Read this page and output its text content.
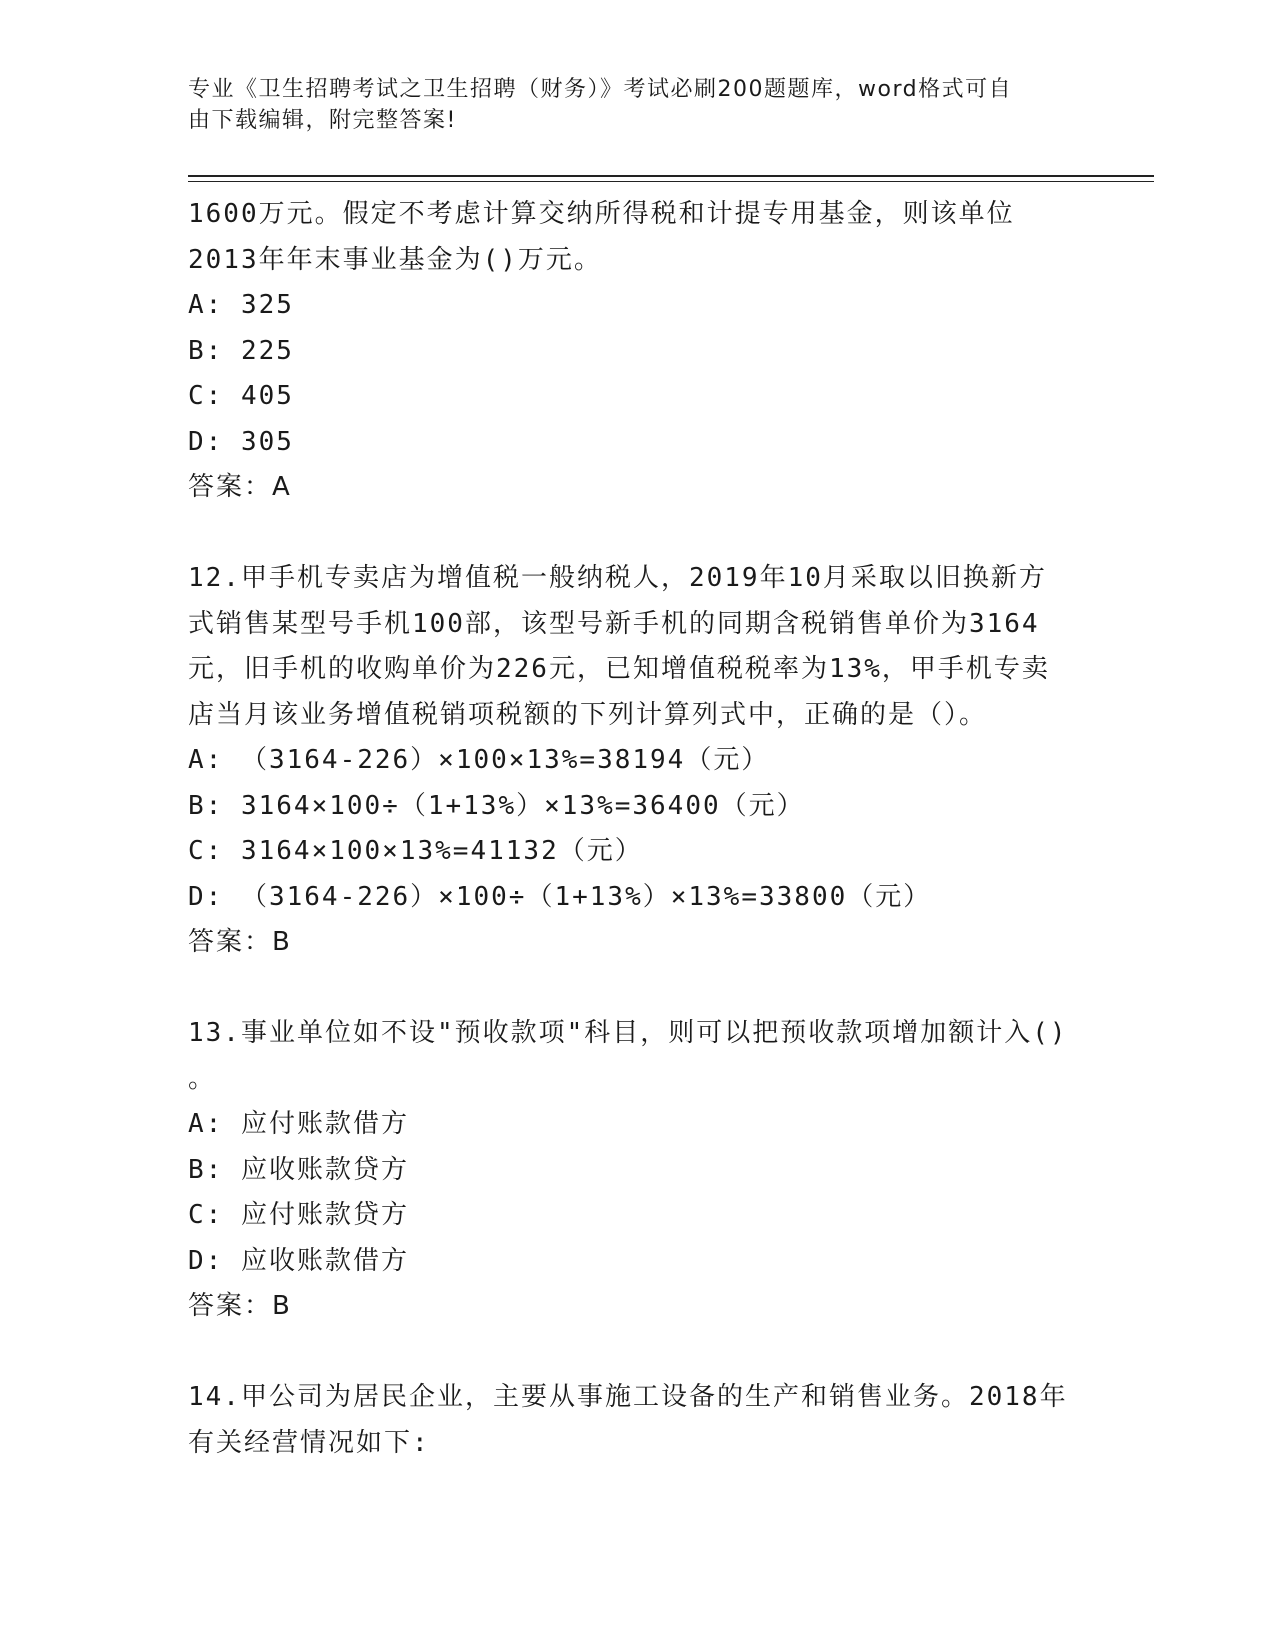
专业《卫生招聘考试之卫生招聘（财务）》考试必刷200题题库，word格式可自
由下载编辑，附完整答案!
1600万元。假定不考虑计算交纳所得税和计提专用基金，则该单位
2013年年末事业基金为()万元。
A: 325
B: 225
C: 405
D: 305
答案：A
12.甲手机专卖店为增值税一般纳税人，2019年10月采取以旧换新方
式销售某型号手机100部，该型号新手机的同期含税销售单价为3164
元，旧手机的收购单价为226元，已知增值税税率为13%，甲手机专卖
店当月该业务增值税销项税额的下列计算列式中，正确的是（）。
A: （3164-226）×100×13%=38194（元）
B: 3164×100÷（1+13%）×13%=36400（元）
C: 3164×100×13%=41132（元）
D: （3164-226）×100÷（1+13%）×13%=33800（元）
答案：B
13.事业单位如不设"预收款项"科目，则可以把预收款项增加额计入()
。
A: 应付账款借方
B: 应收账款贷方
C: 应付账款贷方
D: 应收账款借方
答案：B
14.甲公司为居民企业，主要从事施工设备的生产和销售业务。2018年
有关经营情况如下:
